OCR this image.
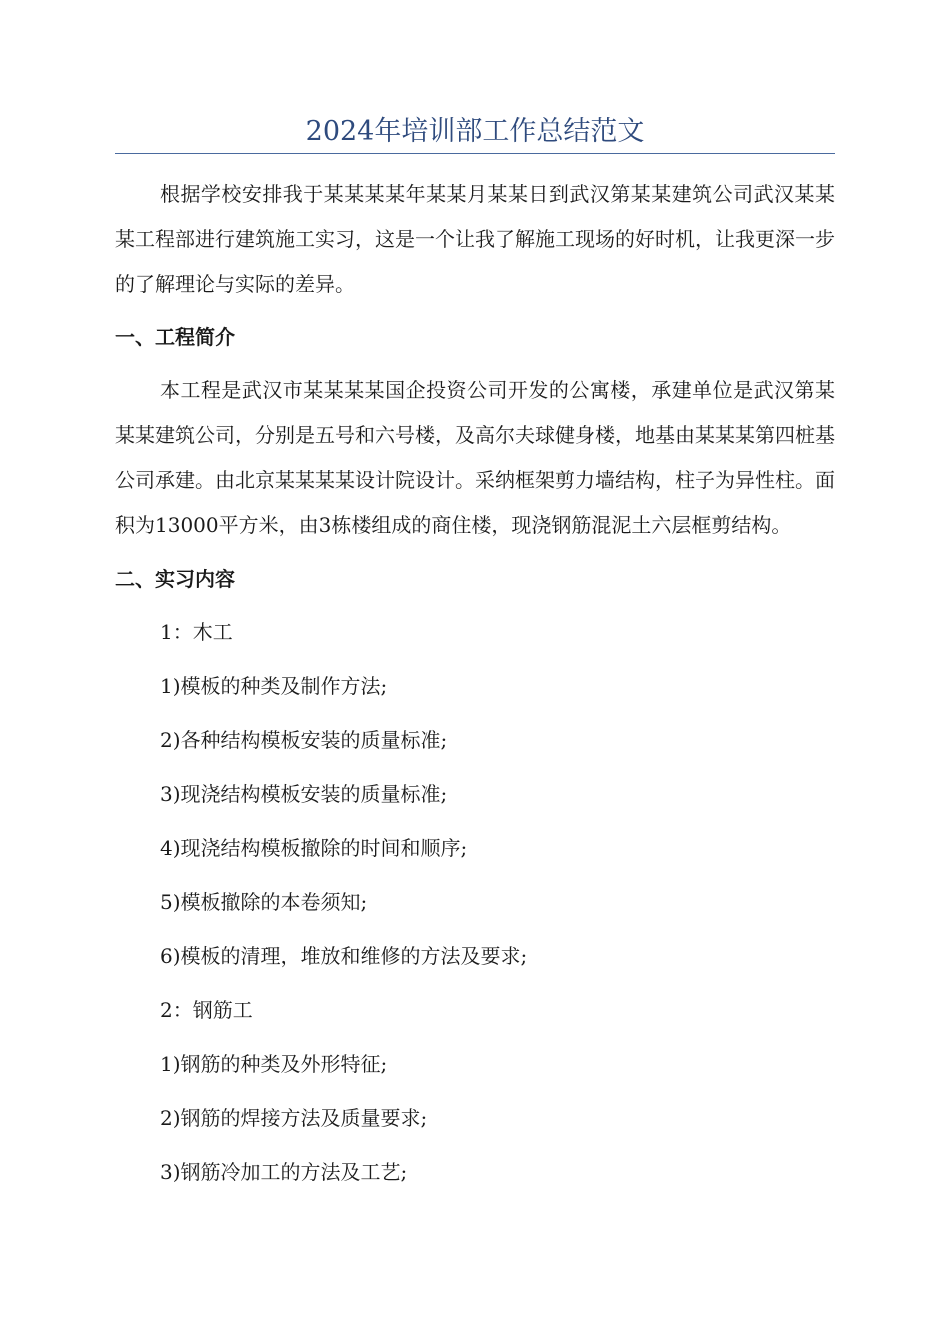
2024年培训部工作总结范文

根据学校安排我于某某某某年某某月某某日到武汉第某某建筑公司武汉某某某工程部进行建筑施工实习，这是一个让我了解施工现场的好时机，让我更深一步的了解理论与实际的差异。

一、工程简介

本工程是武汉市某某某某国企投资公司开发的公寓楼，承建单位是武汉第某某某建筑公司，分别是五号和六号楼，及高尔夫球健身楼，地基由某某某第四桩基公司承建。由北京某某某某设计院设计。采纳框架剪力墙结构，柱子为异性柱。面积为13000平方米，由3栋楼组成的商住楼，现浇钢筋混泥土六层框剪结构。

二、实习内容

1：木工

1)模板的种类及制作方法;

2)各种结构模板安装的质量标准;

3)现浇结构模板安装的质量标准;

4)现浇结构模板撤除的时间和顺序;

5)模板撤除的本卷须知;

6)模板的清理，堆放和维修的方法及要求;

2：钢筋工

1)钢筋的种类及外形特征;

2)钢筋的焊接方法及质量要求;

3)钢筋冷加工的方法及工艺;
